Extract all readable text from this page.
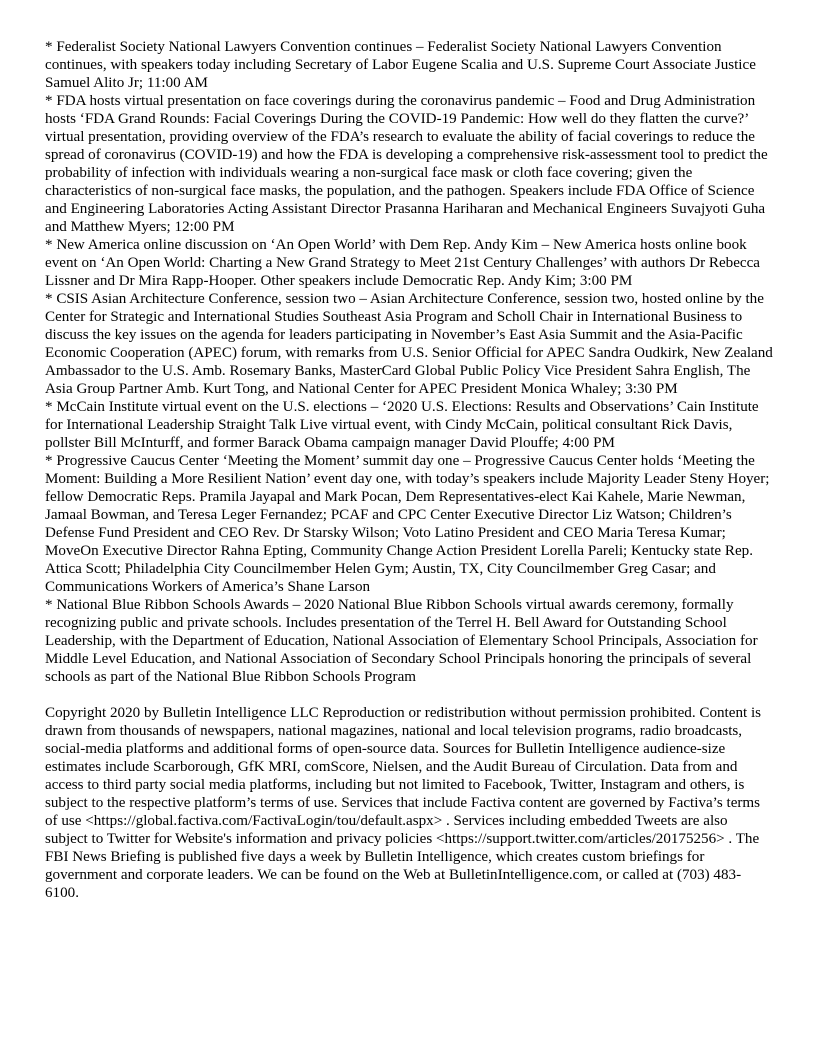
* Federalist Society National Lawyers Convention continues – Federalist Society National Lawyers Convention continues, with speakers today including Secretary of Labor Eugene Scalia and U.S. Supreme Court Associate Justice Samuel Alito Jr; 11:00 AM

* FDA hosts virtual presentation on face coverings during the coronavirus pandemic – Food and Drug Administration hosts ‘FDA Grand Rounds: Facial Coverings During the COVID-19 Pandemic: How well do they flatten the curve?’ virtual presentation, providing overview of the FDA’s research to evaluate the ability of facial coverings to reduce the spread of coronavirus (COVID-19) and how the FDA is developing a comprehensive risk-assessment tool to predict the probability of infection with individuals wearing a non-surgical face mask or cloth face covering; given the characteristics of non-surgical face masks, the population, and the pathogen. Speakers include FDA Office of Science and Engineering Laboratories Acting Assistant Director Prasanna Hariharan and Mechanical Engineers Suvajyoti Guha and Matthew Myers; 12:00 PM

* New America online discussion on ‘An Open World’ with Dem Rep. Andy Kim – New America hosts online book event on ‘An Open World: Charting a New Grand Strategy to Meet 21st Century Challenges’ with authors Dr Rebecca Lissner and Dr Mira Rapp-Hooper. Other speakers include Democratic Rep. Andy Kim; 3:00 PM

* CSIS Asian Architecture Conference, session two – Asian Architecture Conference, session two, hosted online by the Center for Strategic and International Studies Southeast Asia Program and Scholl Chair in International Business to discuss the key issues on the agenda for leaders participating in November’s East Asia Summit and the Asia-Pacific Economic Cooperation (APEC) forum, with remarks from U.S. Senior Official for APEC Sandra Oudkirk, New Zealand Ambassador to the U.S. Amb. Rosemary Banks, MasterCard Global Public Policy Vice President Sahra English, The Asia Group Partner Amb. Kurt Tong, and National Center for APEC President Monica Whaley; 3:30 PM

* McCain Institute virtual event on the U.S. elections – ‘2020 U.S. Elections: Results and Observations’ Cain Institute for International Leadership Straight Talk Live virtual event, with Cindy McCain, political consultant Rick Davis, pollster Bill McInturff, and former Barack Obama campaign manager David Plouffe; 4:00 PM

* Progressive Caucus Center ‘Meeting the Moment’ summit day one – Progressive Caucus Center holds ‘Meeting the Moment: Building a More Resilient Nation’ event day one, with today’s speakers include Majority Leader Steny Hoyer; fellow Democratic Reps. Pramila Jayapal and Mark Pocan, Dem Representatives-elect Kai Kahele, Marie Newman, Jamaal Bowman, and Teresa Leger Fernandez; PCAF and CPC Center Executive Director Liz Watson; Children’s Defense Fund President and CEO Rev. Dr Starsky Wilson; Voto Latino President and CEO Maria Teresa Kumar; MoveOn Executive Director Rahna Epting, Community Change Action President Lorella Pareli; Kentucky state Rep. Attica Scott; Philadelphia City Councilmember Helen Gym; Austin, TX, City Councilmember Greg Casar; and Communications Workers of America’s Shane Larson

* National Blue Ribbon Schools Awards – 2020 National Blue Ribbon Schools virtual awards ceremony, formally recognizing public and private schools. Includes presentation of the Terrel H. Bell Award for Outstanding School Leadership, with the Department of Education, National Association of Elementary School Principals, Association for Middle Level Education, and National Association of Secondary School Principals honoring the principals of several schools as part of the National Blue Ribbon Schools Program

Copyright 2020 by Bulletin Intelligence LLC Reproduction or redistribution without permission prohibited. Content is drawn from thousands of newspapers, national magazines, national and local television programs, radio broadcasts, social-media platforms and additional forms of open-source data. Sources for Bulletin Intelligence audience-size estimates include Scarborough, GfK MRI, comScore, Nielsen, and the Audit Bureau of Circulation. Data from and access to third party social media platforms, including but not limited to Facebook, Twitter, Instagram and others, is subject to the respective platform’s terms of use. Services that include Factiva content are governed by Factiva’s terms of use <https://global.factiva.com/FactivaLogin/tou/default.aspx> . Services including embedded Tweets are also subject to Twitter for Website's information and privacy policies <https://support.twitter.com/articles/20175256> . The FBI News Briefing is published five days a week by Bulletin Intelligence, which creates custom briefings for government and corporate leaders. We can be found on the Web at BulletinIntelligence.com, or called at (703) 483-6100.
